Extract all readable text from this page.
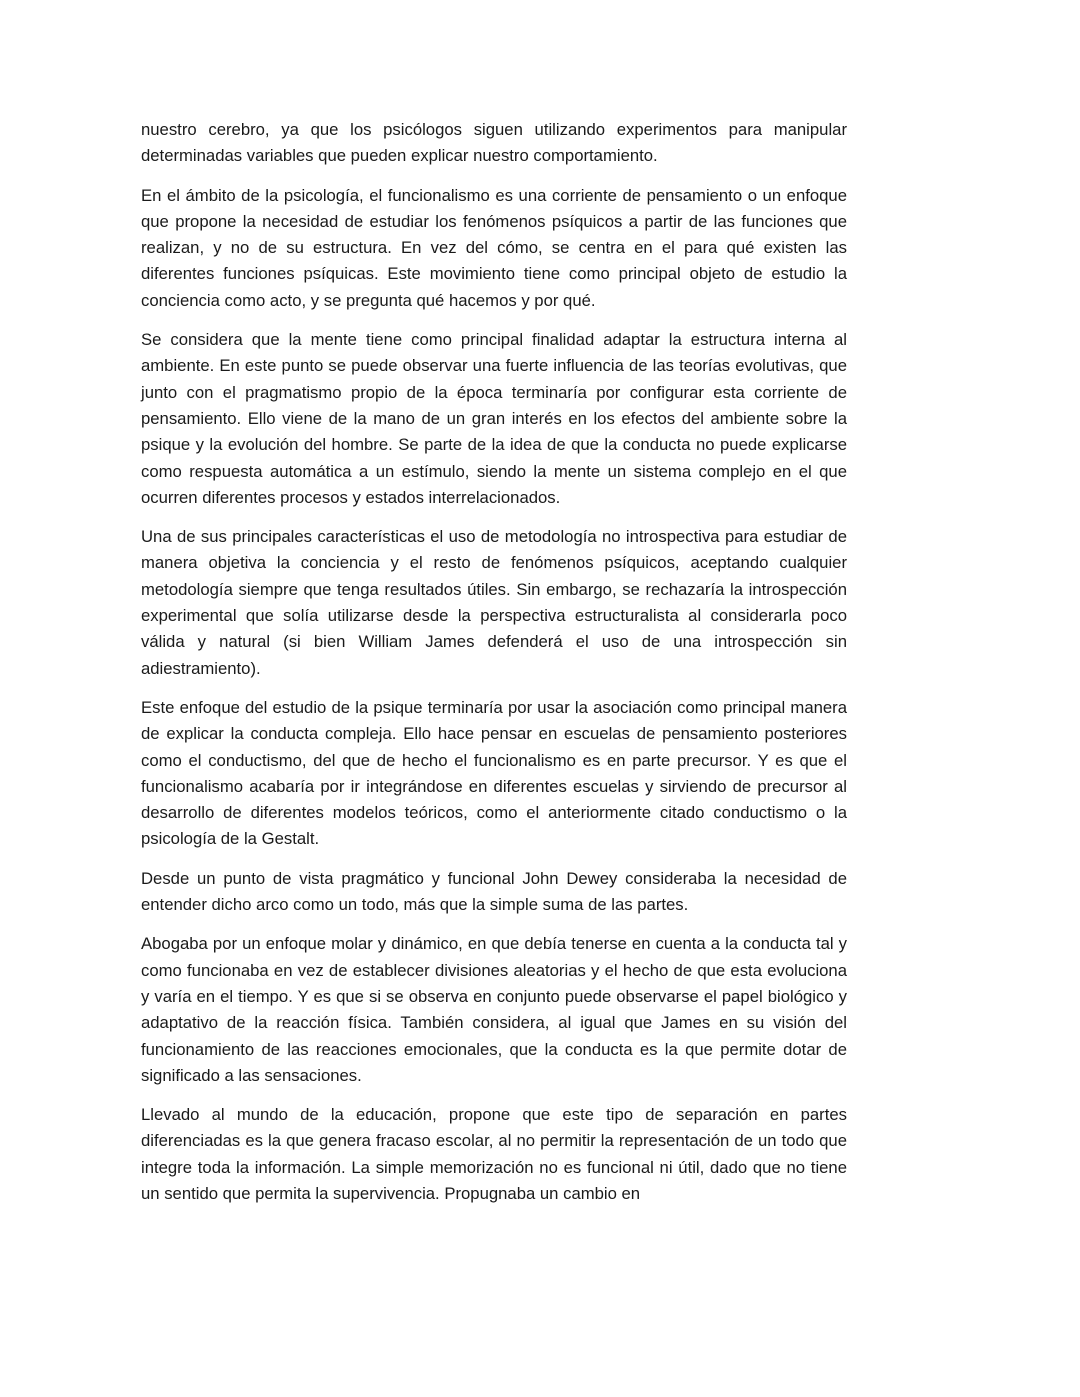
nuestro cerebro, ya que los psicólogos siguen utilizando experimentos para manipular determinadas variables que pueden explicar nuestro comportamiento.

En el ámbito de la psicología, el funcionalismo es una corriente de pensamiento o un enfoque que propone la necesidad de estudiar los fenómenos psíquicos a partir de las funciones que realizan, y no de su estructura. En vez del cómo, se centra en el para qué existen las diferentes funciones psíquicas. Este movimiento tiene como principal objeto de estudio la conciencia como acto, y se pregunta qué hacemos y por qué.

Se considera que la mente tiene como principal finalidad adaptar la estructura interna al ambiente. En este punto se puede observar una fuerte influencia de las teorías evolutivas, que junto con el pragmatismo propio de la época terminaría por configurar esta corriente de pensamiento. Ello viene de la mano de un gran interés en los efectos del ambiente sobre la psique y la evolución del hombre. Se parte de la idea de que la conducta no puede explicarse como respuesta automática a un estímulo, siendo la mente un sistema complejo en el que ocurren diferentes procesos y estados interrelacionados.

Una de sus principales características el uso de metodología no introspectiva para estudiar de manera objetiva la conciencia y el resto de fenómenos psíquicos, aceptando cualquier metodología siempre que tenga resultados útiles. Sin embargo, se rechazaría la introspección experimental que solía utilizarse desde la perspectiva estructuralista al considerarla poco válida y natural (si bien William James defenderá el uso de una introspección sin adiestramiento).

Este enfoque del estudio de la psique terminaría por usar la asociación como principal manera de explicar la conducta compleja. Ello hace pensar en escuelas de pensamiento posteriores como el conductismo, del que de hecho el funcionalismo es en parte precursor. Y es que el funcionalismo acabaría por ir integrándose en diferentes escuelas y sirviendo de precursor al desarrollo de diferentes modelos teóricos, como el anteriormente citado conductismo o la psicología de la Gestalt.

Desde un punto de vista pragmático y funcional John Dewey consideraba la necesidad de entender dicho arco como un todo, más que la simple suma de las partes.

Abogaba por un enfoque molar y dinámico, en que debía tenerse en cuenta a la conducta tal y como funcionaba en vez de establecer divisiones aleatorias y el hecho de que esta evoluciona y varía en el tiempo. Y es que si se observa en conjunto puede observarse el papel biológico y adaptativo de la reacción física. También considera, al igual que James en su visión del funcionamiento de las reacciones emocionales, que la conducta es la que permite dotar de significado a las sensaciones.

Llevado al mundo de la educación, propone que este tipo de separación en partes diferenciadas es la que genera fracaso escolar, al no permitir la representación de un todo que integre toda la información. La simple memorización no es funcional ni útil, dado que no tiene un sentido que permita la supervivencia. Propugnaba un cambio en
